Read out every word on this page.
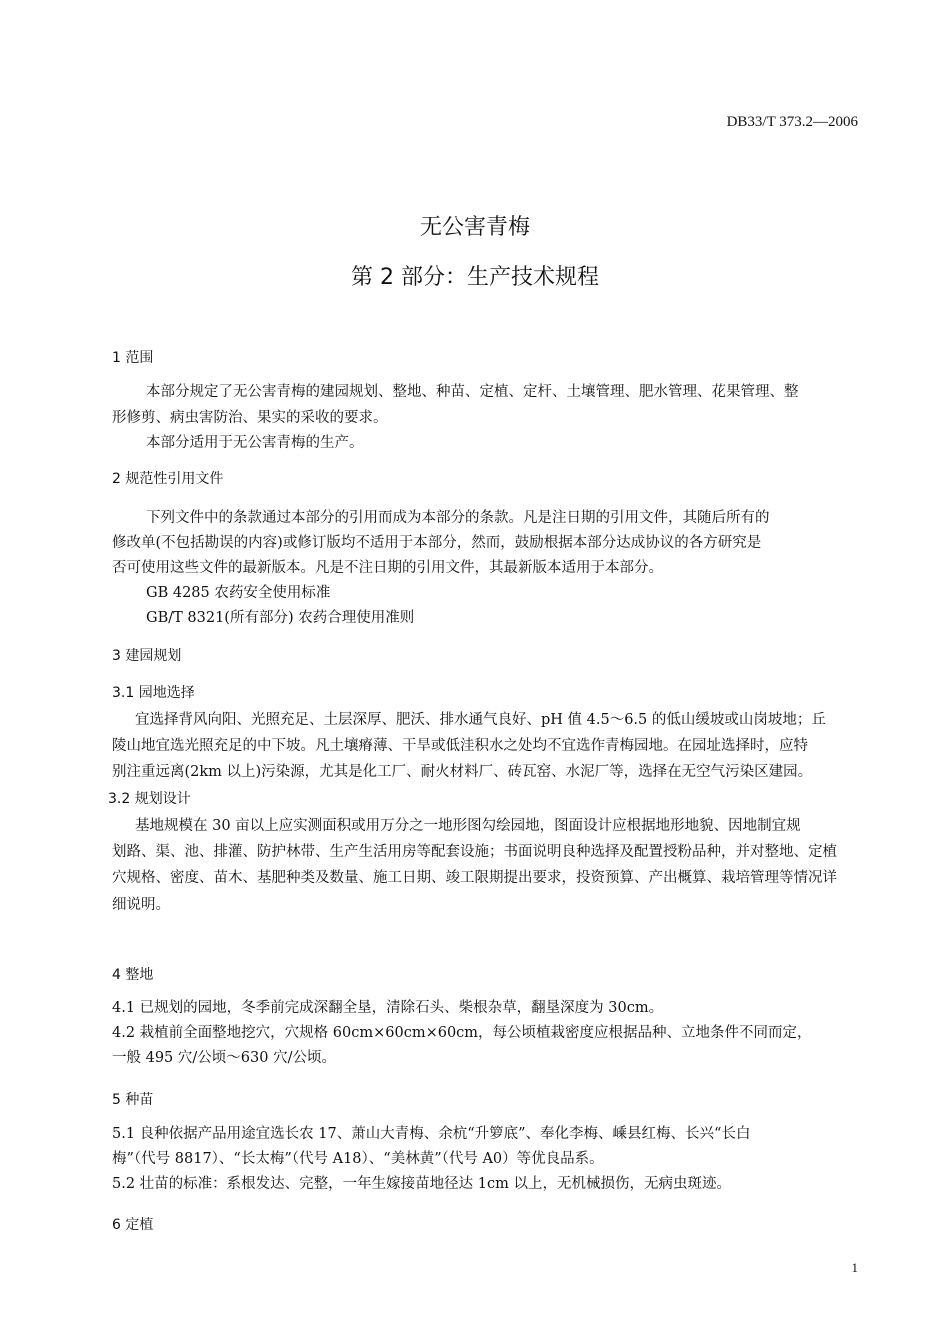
DB33/T 373.2—2006
无公害青梅
第 2 部分：生产技术规程
1 范围
本部分规定了无公害青梅的建园规划、整地、种苗、定植、定杆、土壤管理、肥水管理、花果管理、整
形修剪、病虫害防治、果实的采收的要求。
本部分适用于无公害青梅的生产。
2 规范性引用文件
下列文件中的条款通过本部分的引用而成为本部分的条款。凡是注日期的引用文件，其随后所有的
修改单(不包括勘误的内容)或修订版均不适用于本部分，然而，鼓励根据本部分达成协议的各方研究是
否可使用这些文件的最新版本。凡是不注日期的引用文件，其最新版本适用于本部分。
GB 4285 农药安全使用标准
GB/T 8321(所有部分) 农药合理使用准则
3 建园规划
3.1 园地选择
宜选择背风向阳、光照充足、土层深厚、肥沃、排水通气良好、pH 值 4.5～6.5 的低山缓坡或山岗坡地；丘
陵山地宜选光照充足的中下坡。凡土壤瘠薄、干旱或低洼积水之处均不宜选作青梅园地。在园址选择时，应特
别注重远离(2km 以上)污染源，尤其是化工厂、耐火材料厂、砖瓦窑、水泥厂等，选择在无空气污染区建园。
3.2 规划设计
基地规模在 30 亩以上应实测面积或用万分之一地形图勾绘园地，图面设计应根据地形地貌、因地制宜规
划路、渠、池、排灌、防护林带、生产生活用房等配套设施；书面说明良种选择及配置授粉品种，并对整地、定植
穴规格、密度、苗木、基肥种类及数量、施工日期、竣工限期提出要求，投资预算、产出概算、栽培管理等情况详
细说明。
4 整地
4.1 已规划的园地，冬季前完成深翻全垦，清除石头、柴根杂草，翻垦深度为 30cm。
4.2 栽植前全面整地挖穴，穴规格 60cm×60cm×60cm，每公顷植栽密度应根据品种、立地条件不同而定，
一般 495 穴/公顷～630 穴/公顷。
5 种苗
5.1 良种依据产品用途宜选长农 17、萧山大青梅、余杭“升箩底”、奉化李梅、嵊县红梅、长兴“长白
梅”（代号 8817）、“长太梅”（代号 A18）、“美林黄”（代号 A0）等优良品系。
5.2 壮苗的标准：系根发达、完整，一年生嫁接苗地径达 1cm 以上，无机械损伤，无病虫斑迹。
6 定植
1
